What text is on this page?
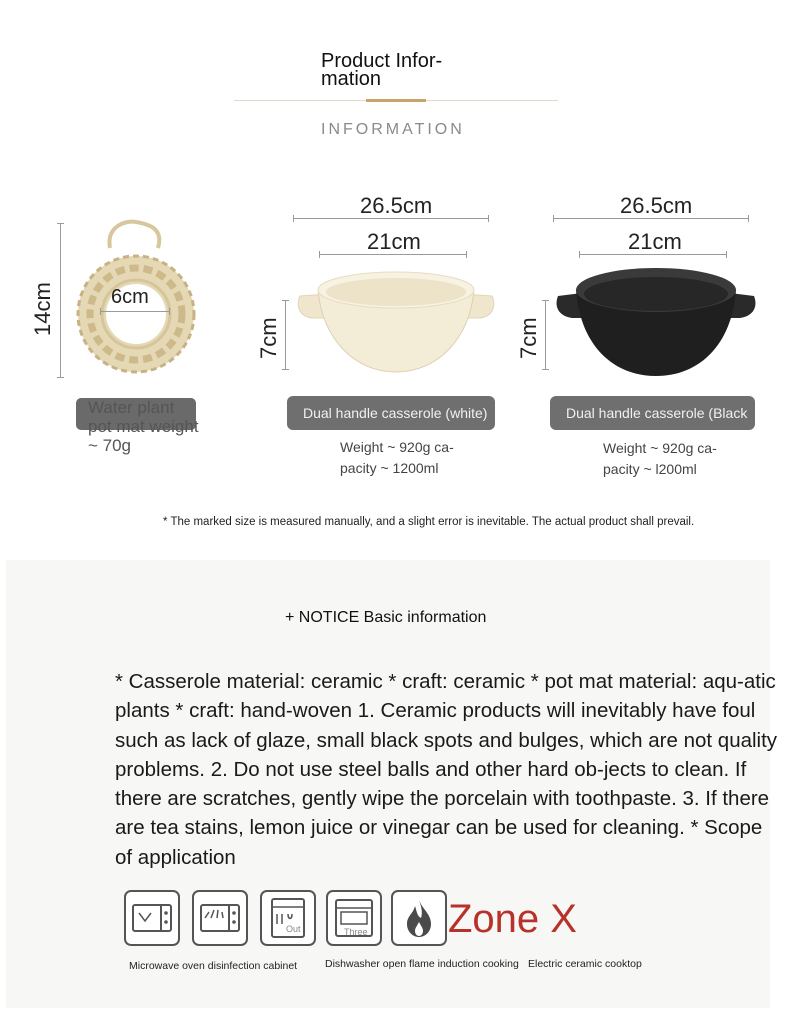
Product Infor-
mation
INFORMATION
14cm	6cm
Water plant
pot mat weight
~ 70g
26.5cm
21cm
7cm
Dual handle casserole (white)
Weight ~ 920g ca-
pacity ~ 1200ml
26.5cm
21cm
7cm
Dual handle casserole (Black
Weight ~ 920g ca-
pacity ~ l200ml
* The marked size is measured manually, and a slight error is inevitable. The actual product shall prevail.
+ NOTICE Basic information
* Casserole material: ceramic * craft: ceramic * pot mat material: aqu-atic plants * craft: hand-woven 1. Ceramic products will inevitably have foul such as lack of glaze, small black spots and bulges, which are not quality problems. 2. Do not use steel balls and other hard ob-jects to clean. If there are scratches, gently wipe the porcelain with toothpaste. 3. If there are tea stains, lemon juice or vinegar can be used for cleaning. * Scope of application
Out	Three Zone X
Microwave oven disinfection cabinet	Dishwasher open flame induction cooking Electric ceramic cooktop
